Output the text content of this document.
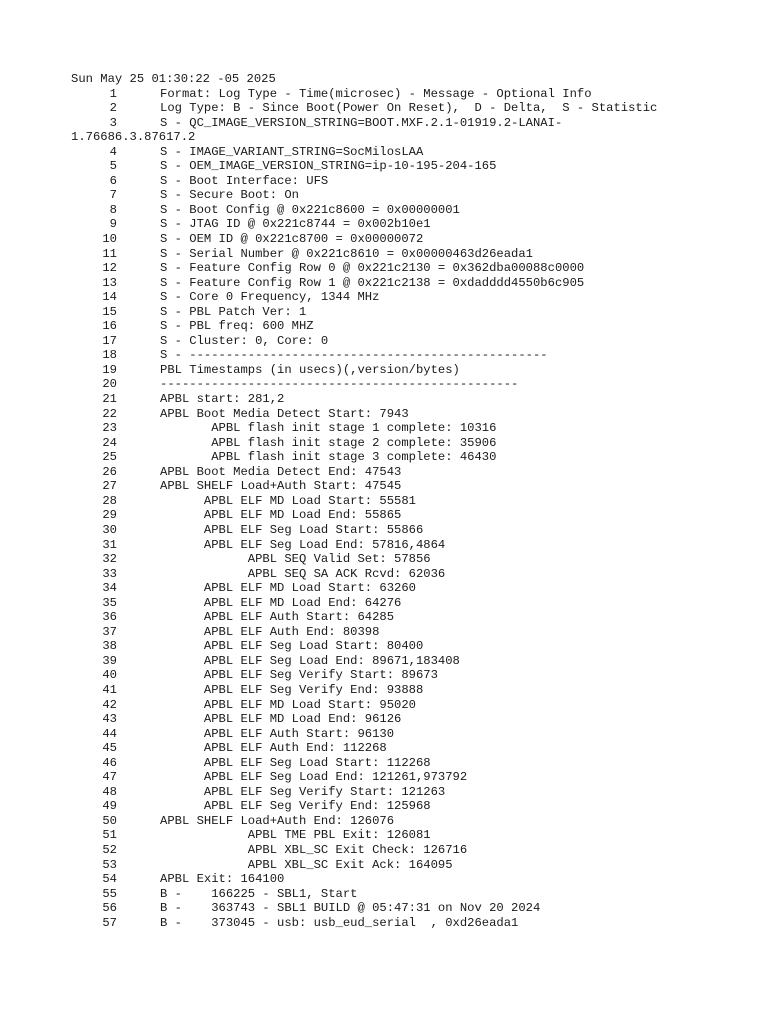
Sun May 25 01:30:22 -05 2025
1	Format: Log Type - Time(microsec) - Message - Optional Info
2	Log Type: B - Since Boot(Power On Reset),  D - Delta,  S - Statistic
3	S - QC_IMAGE_VERSION_STRING=BOOT.MXF.2.1-01919.2-LANAI-
1.76686.3.87617.2
4	S - IMAGE_VARIANT_STRING=SocMilosLAA
5	S - OEM_IMAGE_VERSION_STRING=ip-10-195-204-165
6	S - Boot Interface: UFS
7	S - Secure Boot: On
8	S - Boot Config @ 0x221c8600 = 0x00000001
9	S - JTAG ID @ 0x221c8744 = 0x002b10e1
10	S - OEM ID @ 0x221c8700 = 0x00000072
11	S - Serial Number @ 0x221c8610 = 0x00000463d26eada1
12	S - Feature Config Row 0 @ 0x221c2130 = 0x362dba00088c0000
13	S - Feature Config Row 1 @ 0x221c2138 = 0xdadddd4550b6c905
14	S - Core 0 Frequency, 1344 MHz
15	S - PBL Patch Ver: 1
16	S - PBL freq: 600 MHZ
17	S - Cluster: 0, Core: 0
18	S - -------------------------------------------------
19	PBL Timestamps (in usecs)(,version/bytes)
20	-------------------------------------------------
21	APBL start: 281,2
22	APBL Boot Media Detect Start: 7943
23	APBL flash init stage 1 complete: 10316
24	APBL flash init stage 2 complete: 35906
25	APBL flash init stage 3 complete: 46430
26	APBL Boot Media Detect End: 47543
27	APBL SHELF Load+Auth Start: 47545
28	APBL ELF MD Load Start: 55581
29	APBL ELF MD Load End: 55865
30	APBL ELF Seg Load Start: 55866
31	APBL ELF Seg Load End: 57816,4864
32	APBL SEQ Valid Set: 57856
33	APBL SEQ SA ACK Rcvd: 62036
34	APBL ELF MD Load Start: 63260
35	APBL ELF MD Load End: 64276
36	APBL ELF Auth Start: 64285
37	APBL ELF Auth End: 80398
38	APBL ELF Seg Load Start: 80400
39	APBL ELF Seg Load End: 89671,183408
40	APBL ELF Seg Verify Start: 89673
41	APBL ELF Seg Verify End: 93888
42	APBL ELF MD Load Start: 95020
43	APBL ELF MD Load End: 96126
44	APBL ELF Auth Start: 96130
45	APBL ELF Auth End: 112268
46	APBL ELF Seg Load Start: 112268
47	APBL ELF Seg Load End: 121261,973792
48	APBL ELF Seg Verify Start: 121263
49	APBL ELF Seg Verify End: 125968
50	APBL SHELF Load+Auth End: 126076
51	APBL TME PBL Exit: 126081
52	APBL XBL_SC Exit Check: 126716
53	APBL XBL_SC Exit Ack: 164095
54	APBL Exit: 164100
55	B -    166225 - SBL1, Start
56	B -    363743 - SBL1 BUILD @ 05:47:31 on Nov 20 2024
57	B -    373045 - usb: usb_eud_serial  , 0xd26eada1
